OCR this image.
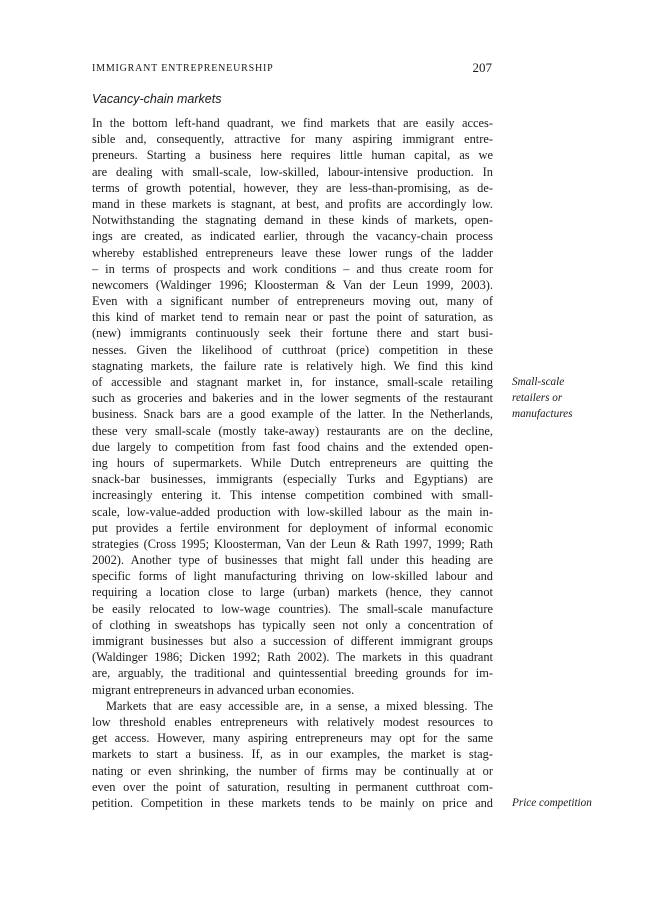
IMMIGRANT ENTREPRENEURSHIP	207
Vacancy-chain markets
In the bottom left-hand quadrant, we find markets that are easily acces-
sible and, consequently, attractive for many aspiring immigrant entre-
preneurs. Starting a business here requires little human capital, as we
are dealing with small-scale, low-skilled, labour-intensive production. In
terms of growth potential, however, they are less-than-promising, as de-
mand in these markets is stagnant, at best, and profits are accordingly low.
Notwithstanding the stagnating demand in these kinds of markets, open-
ings are created, as indicated earlier, through the vacancy-chain process
whereby established entrepreneurs leave these lower rungs of the ladder
– in terms of prospects and work conditions – and thus create room for
newcomers (Waldinger 1996; Kloosterman & Van der Leun 1999, 2003).
Even with a significant number of entrepreneurs moving out, many of
this kind of market tend to remain near or past the point of saturation, as
(new) immigrants continuously seek their fortune there and start busi-
nesses. Given the likelihood of cutthroat (price) competition in these
stagnating markets, the failure rate is relatively high. We find this kind
of accessible and stagnant market in, for instance, small-scale retailing
such as groceries and bakeries and in the lower segments of the restaurant
business. Snack bars are a good example of the latter. In the Netherlands,
these very small-scale (mostly take-away) restaurants are on the decline,
due largely to competition from fast food chains and the extended open-
ing hours of supermarkets. While Dutch entrepreneurs are quitting the
snack-bar businesses, immigrants (especially Turks and Egyptians) are
increasingly entering it. This intense competition combined with small-
scale, low-value-added production with low-skilled labour as the main in-
put provides a fertile environment for deployment of informal economic
strategies (Cross 1995; Kloosterman, Van der Leun & Rath 1997, 1999; Rath
2002). Another type of businesses that might fall under this heading are
specific forms of light manufacturing thriving on low-skilled labour and
requiring a location close to large (urban) markets (hence, they cannot
be easily relocated to low-wage countries). The small-scale manufacture
of clothing in sweatshops has typically seen not only a concentration of
immigrant businesses but also a succession of different immigrant groups
(Waldinger 1986; Dicken 1992; Rath 2002). The markets in this quadrant
are, arguably, the traditional and quintessential breeding grounds for im-
migrant entrepreneurs in advanced urban economies.
Markets that are easy accessible are, in a sense, a mixed blessing. The
low threshold enables entrepreneurs with relatively modest resources to
get access. However, many aspiring entrepreneurs may opt for the same
markets to start a business. If, as in our examples, the market is stag-
nating or even shrinking, the number of firms may be continually at or
even over the point of saturation, resulting in permanent cutthroat com-
petition. Competition in these markets tends to be mainly on price and
Small-scale
retailers or
manufactures
Price competition
